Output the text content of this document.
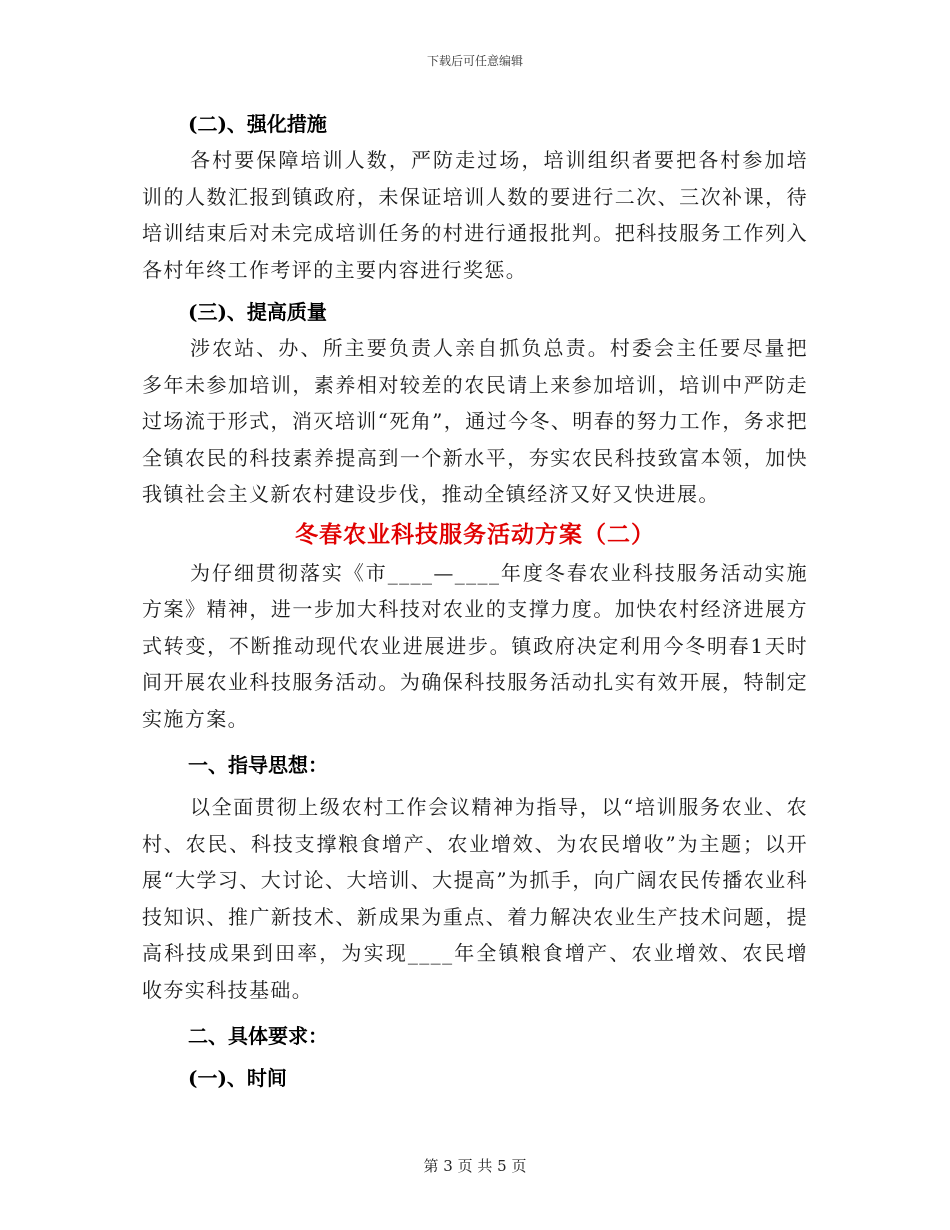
下载后可任意编辑

(二)、强化措施

各村要保障培训人数，严防走过场，培训组织者要把各村参加培训的人数汇报到镇政府，未保证培训人数的要进行二次、三次补课，待培训结束后对未完成培训任务的村进行通报批判。把科技服务工作列入各村年终工作考评的主要内容进行奖惩。

(三)、提高质量

涉农站、办、所主要负责人亲自抓负总责。村委会主任要尽量把多年未参加培训，素养相对较差的农民请上来参加培训，培训中严防走过场流于形式，消灭培训“死角”，通过今冬、明春的努力工作，务求把全镇农民的科技素养提高到一个新水平，夯实农民科技致富本领，加快我镇社会主义新农村建设步伐，推动全镇经济又好又快进展。

冬春农业科技服务活动方案（二）

为仔细贯彻落实《市____—____年度冬春农业科技服务活动实施方案》精神，进一步加大科技对农业的支撑力度。加快农村经济进展方式转变，不断推动现代农业进展进步。镇政府决定利用今冬明春1天时间开展农业科技服务活动。为确保科技服务活动扎实有效开展，特制定实施方案。

一、指导思想：

以全面贯彻上级农村工作会议精神为指导，以“培训服务农业、农村、农民、科技支撑粮食增产、农业增效、为农民增收”为主题；以开展“大学习、大讨论、大培训、大提高”为抓手，向广阔农民传播农业科技知识、推广新技术、新成果为重点、着力解决农业生产技术问题，提高科技成果到田率，为实现____年全镇粮食增产、农业增效、农民增收夯实科技基础。

二、具体要求：

(一)、时间

第 3 页 共 5 页
